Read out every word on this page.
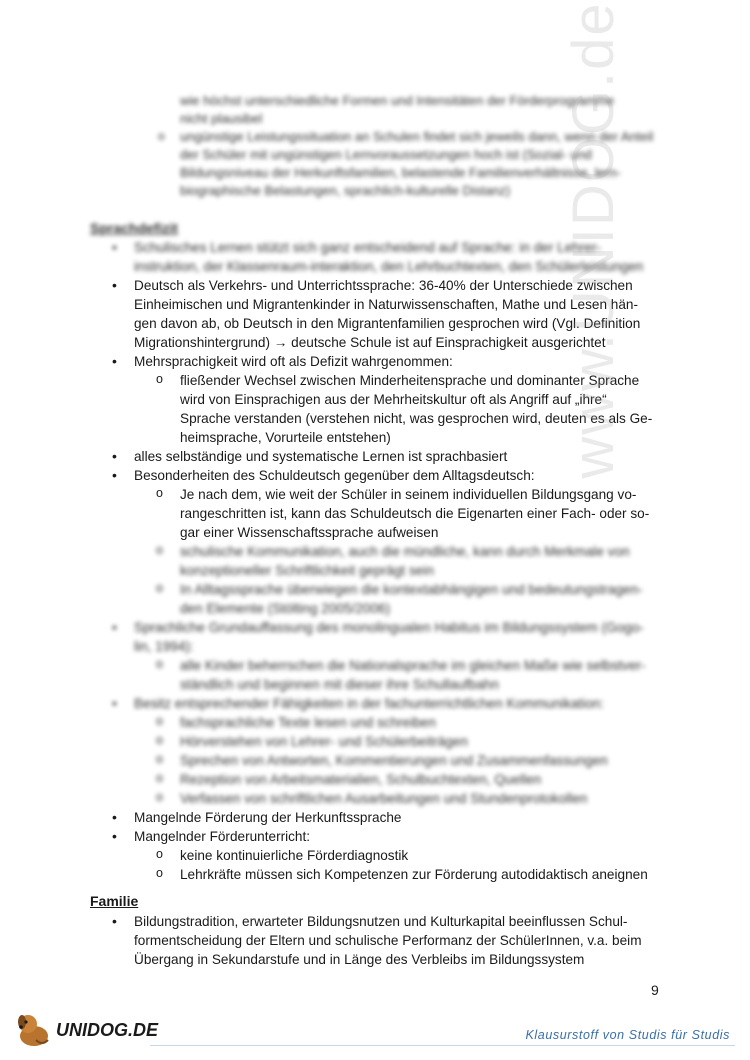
wie höchst unterschiedliche Formen und Intensitäten der Förderprogramme
nicht plausibel
o ungünstige Leistungssituation an Schulen findet sich jeweils dann, wenn der Anteil der Schüler mit ungünstigen Lernvoraussetzungen hoch ist (Sozial- und Bildungsniveau der Herkunftsfamilien, belastende Familienverhältnisse, lern-biographische Belastungen, sprachlich-kulturelle Distanz)
Sprachdefizit
• Schulisches Lernen stützt sich ganz entscheidend auf Sprache: in der Lehrer-instruktion, der Klassenraum-interaktion, den Lehrbuchtexten, den Schülerleistungen
• Deutsch als Verkehrs- und Unterrichtssprache: 36-40% der Unterschiede zwischen Einheimischen und Migrantenkinder in Naturwissenschaften, Mathe und Lesen hän-gen davon ab, ob Deutsch in den Migrantenfamilien gesprochen wird (Vgl. Definition Migrationshintergrund) → deutsche Schule ist auf Einsprachigkeit ausgerichtet
• Mehrsprachigkeit wird oft als Defizit wahrgenommen:
o fließender Wechsel zwischen Minderheitensprache und dominanter Sprache wird von Einsprachigen aus der Mehrheitskultur oft als Angriff auf „ihre“ Sprache verstanden (verstehen nicht, was gesprochen wird, deuten es als Ge-heimsprache, Vorurteile entstehen)
• alles selbständige und systematische Lernen ist sprachbasiert
• Besonderheiten des Schuldeutsch gegenüber dem Alltagsdeutsch:
o Je nach dem, wie weit der Schüler in seinem individuellen Bildungsgang vo-rangeschritten ist, kann das Schuldeutsch die Eigenarten einer Fach- oder so-gar einer Wissenschaftssprache aufweisen
o schulische Kommunikation, auch die mündliche, kann durch Merkmale von konzeptioneller Schriftlichkeit geprägt sein
o In Alltagssprache überwiegen die kontextabhängigen und bedeutungstragen-den Elemente (Stölting 2005/2006)
• Sprachliche Grundauffassung des monolingualen Habitus im Bildungssystem (Gogo-lin, 1994):
o alle Kinder beherrschen die Nationalsprache im gleichen Maße wie selbstver-ständlich und beginnen mit dieser ihre Schullaufbahn
• Besitz entsprechender Fähigkeiten in der fachunterrichtlichen Kommunikation:
o fachsprachliche Texte lesen und schreiben
o Hörverstehen von Lehrer- und Schülerbeiträgen
o Sprechen von Antworten, Kommentierungen und Zusammenfassungen
o Rezeption von Arbeitsmaterialien, Schulbuchtexten, Quellen
o Verfassen von schriftlichen Ausarbeitungen und Stundenprotokollen
• Mangelnde Förderung der Herkunftssprache
• Mangelnder Förderunterricht:
o keine kontinuierliche Förderdiagnostik
o Lehrkräfte müssen sich Kompetenzen zur Förderung autodidaktisch aneignen
Familie
• Bildungstradition, erwarteter Bildungsnutzen und Kulturkapital beeinflussen Schul-formentscheidung der Eltern und schulische Performanz der SchülerInnen, v.a. beim Übergang in Sekundarstufe und in Länge des Verbleibs im Bildungssystem
www.UNIDOG.de
9
UNIDOG.DE	Klausurstoff von Studis für Studis
